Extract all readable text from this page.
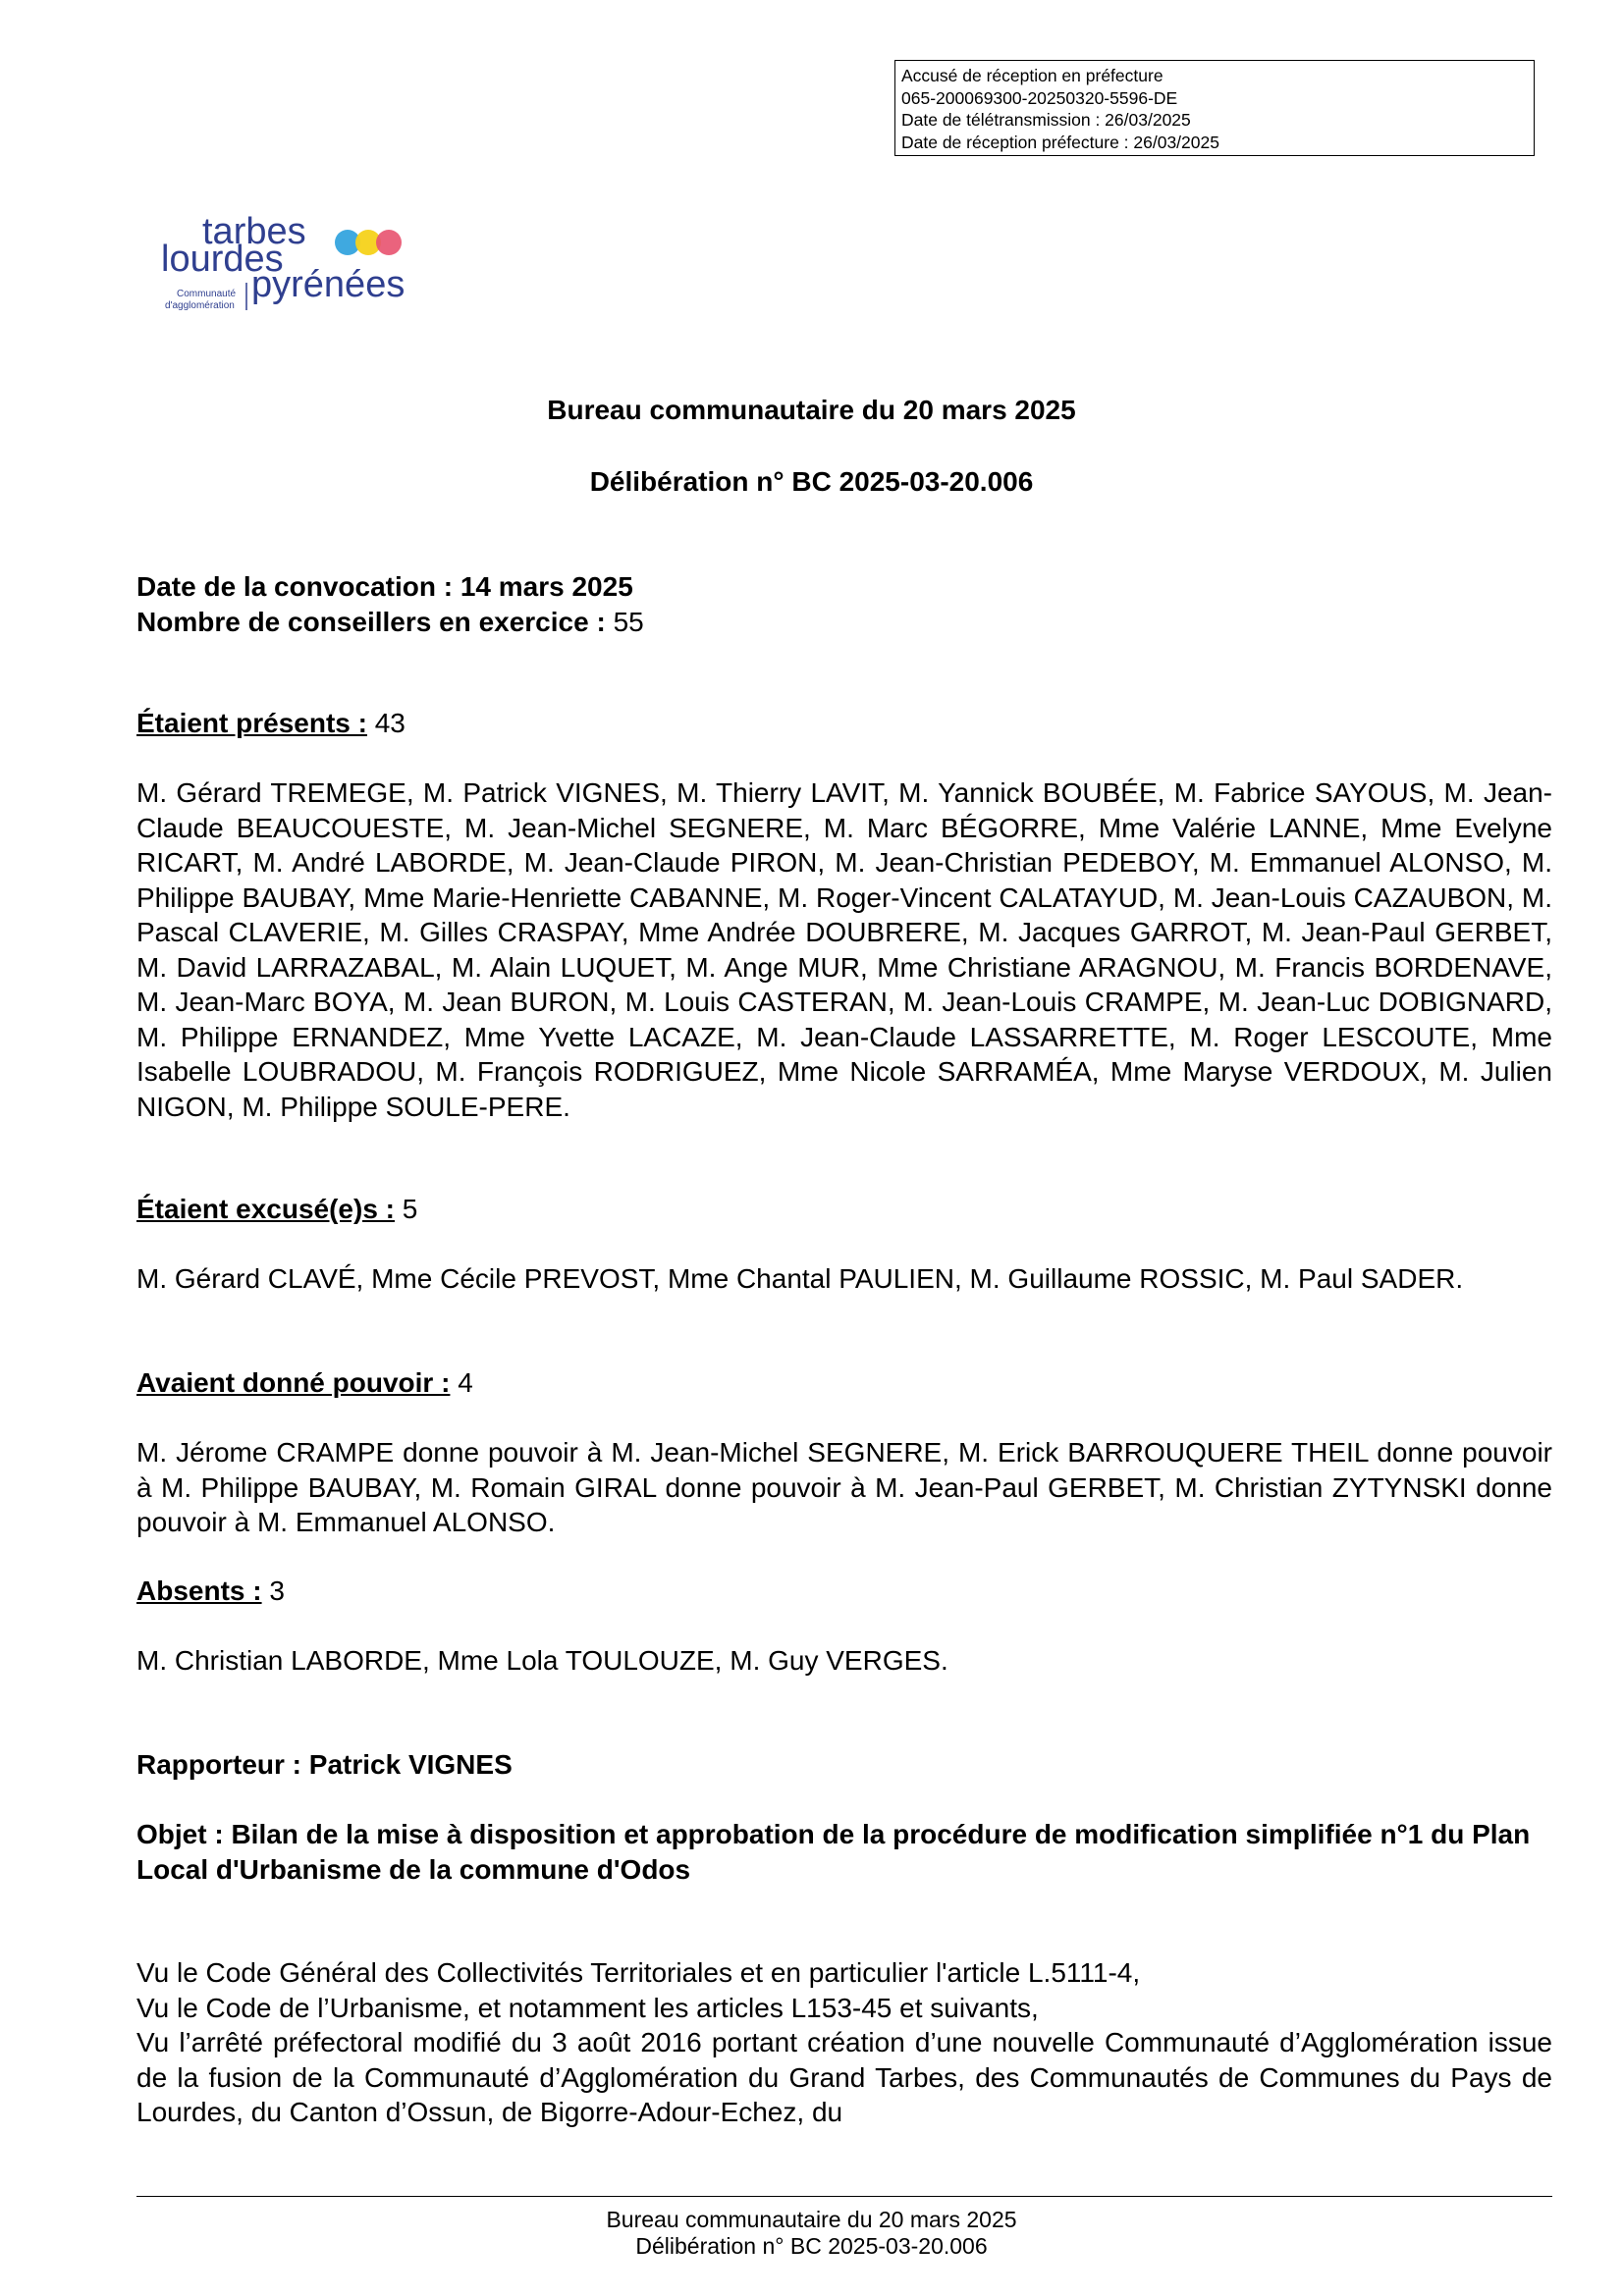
Accusé de réception en préfecture
065-200069300-20250320-5596-DE
Date de télétransmission : 26/03/2025
Date de réception préfecture : 26/03/2025
tarbes
lourdes
pyrénées
Communauté
d'agglomération
Bureau communautaire du 20 mars 2025
Délibération n° BC 2025-03-20.006
Date de la convocation : 14 mars 2025
Nombre de conseillers en exercice : 55
Étaient présents : 43
M. Gérard TREMEGE, M. Patrick VIGNES, M. Thierry LAVIT, M. Yannick BOUBÉE, M. Fabrice SAYOUS, M. Jean-Claude BEAUCOUESTE, M. Jean-Michel SEGNERE, M. Marc BÉGORRE, Mme Valérie LANNE, Mme Evelyne RICART, M. André LABORDE, M. Jean-Claude PIRON, M. Jean-Christian PEDEBOY, M. Emmanuel ALONSO, M. Philippe BAUBAY, Mme Marie-Henriette CABANNE, M. Roger-Vincent CALATAYUD, M. Jean-Louis CAZAUBON, M. Pascal CLAVERIE, M. Gilles CRASPAY, Mme Andrée DOUBRERE, M. Jacques GARROT, M. Jean-Paul GERBET, M. David LARRAZABAL, M. Alain LUQUET, M. Ange MUR, Mme Christiane ARAGNOU, M. Francis BORDENAVE, M. Jean-Marc BOYA, M. Jean BURON, M. Louis CASTERAN, M. Jean-Louis CRAMPE, M. Jean-Luc DOBIGNARD, M. Philippe ERNANDEZ, Mme Yvette LACAZE, M. Jean-Claude LASSARRETTE, M. Roger LESCOUTE, Mme Isabelle LOUBRADOU, M. François RODRIGUEZ, Mme Nicole SARRAMÉA, Mme Maryse VERDOUX, M. Julien NIGON, M. Philippe SOULE-PERE.
Étaient excusé(e)s : 5
M. Gérard CLAVÉ, Mme Cécile PREVOST, Mme Chantal PAULIEN, M. Guillaume ROSSIC, M. Paul SADER.
Avaient donné pouvoir : 4
M. Jérome CRAMPE donne pouvoir à M. Jean-Michel SEGNERE, M. Erick BARROUQUERE THEIL donne pouvoir à M. Philippe BAUBAY, M. Romain GIRAL donne pouvoir à M. Jean-Paul GERBET, M. Christian ZYTYNSKI donne pouvoir à M. Emmanuel ALONSO.
Absents : 3
M. Christian LABORDE, Mme Lola TOULOUZE, M. Guy VERGES.
Rapporteur : Patrick VIGNES
Objet : Bilan de la mise à disposition et approbation de la procédure de modification simplifiée n°1 du Plan Local d'Urbanisme de la commune d'Odos
Vu le Code Général des Collectivités Territoriales et en particulier l'article L.5111-4,
Vu le Code de l’Urbanisme, et notamment les articles L153-45 et suivants,
Vu l’arrêté préfectoral modifié du 3 août 2016 portant création d’une nouvelle Communauté d’Agglomération issue de la fusion de la Communauté d’Agglomération du Grand Tarbes, des Communautés de Communes du Pays de Lourdes, du Canton d’Ossun, de Bigorre-Adour-Echez, du
Bureau communautaire du 20 mars 2025
Délibération n° BC 2025-03-20.006
